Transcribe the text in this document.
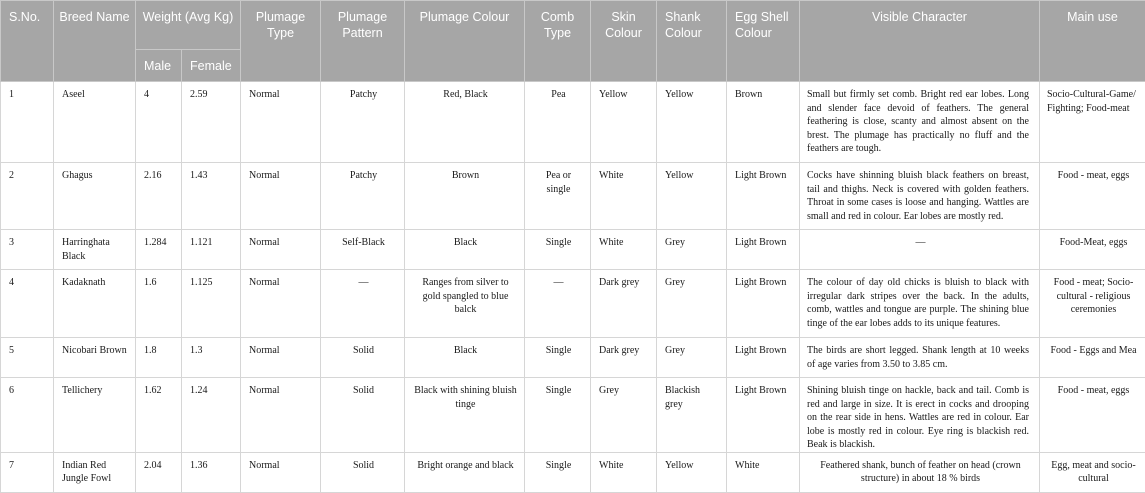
S.No.	Breed Name	Weight (Avg Kg)		Plumage Type	Plumage Pattern	Plumage Colour	Comb Type	Skin Colour	Shank Colour	Egg Shell Colour	Visible Character	Main use
		Male	Female									
1	Aseel	4	2.59	Normal	Patchy	Red, Black	Pea	Yellow	Yellow	Brown	Small but firmly set comb. Bright red ear lobes. Long and slender face devoid of feathers. The general feathering is close, scanty and almost absent on the brest. The plumage has practically no fluff and the feathers are tough.	Socio-Cultural-Game/ Fighting; Food-meat
2	Ghagus	2.16	1.43	Normal	Patchy	Brown	Pea or single	White	Yellow	Light Brown	Cocks have shinning bluish black feathers on breast, tail and thighs. Neck is covered with golden feathers. Throat in some cases is loose and hanging. Wattles are small and red in colour. Ear lobes are mostly red.	Food - meat, eggs
3	Harringhata Black	1.284	1.121	Normal	Self-Black	Black	Single	White	Grey	Light Brown	—	Food-Meat, eggs
4	Kadaknath	1.6	1.125	Normal	—	Ranges from silver to gold spangled to blue balck	—	Dark grey	Grey	Light Brown	The colour of day old chicks is bluish to black with irregular dark stripes over the back. In the adults, comb, wattles and tongue are purple. The shining blue tinge of the ear lobes adds to its unique features.	Food - meat; Socio-cultural - religious ceremonies
5	Nicobari Brown	1.8	1.3	Normal	Solid	Black	Single	Dark grey	Grey	Light Brown	The birds are short legged. Shank length at 10 weeks of age varies from 3.50 to 3.85 cm.	Food - Eggs and Mea
6	Tellichery	1.62	1.24	Normal	Solid	Black with shining bluish tinge	Single	Grey	Blackish grey	Light Brown	Shining bluish tinge on hackle, back and tail. Comb is red and large in size. It is erect in cocks and drooping on the rear side in hens. Wattles are red in colour. Ear lobe is mostly red in colour. Eye ring is blackish red. Beak is blackish.	Food - meat, eggs
7	Indian Red Jungle Fowl	2.04	1.36	Normal	Solid	Bright orange and black	Single	White	Yellow	White	Feathered shank, bunch of feather on head (crown structure) in about 18 % birds	Egg, meat and socio-cultural
